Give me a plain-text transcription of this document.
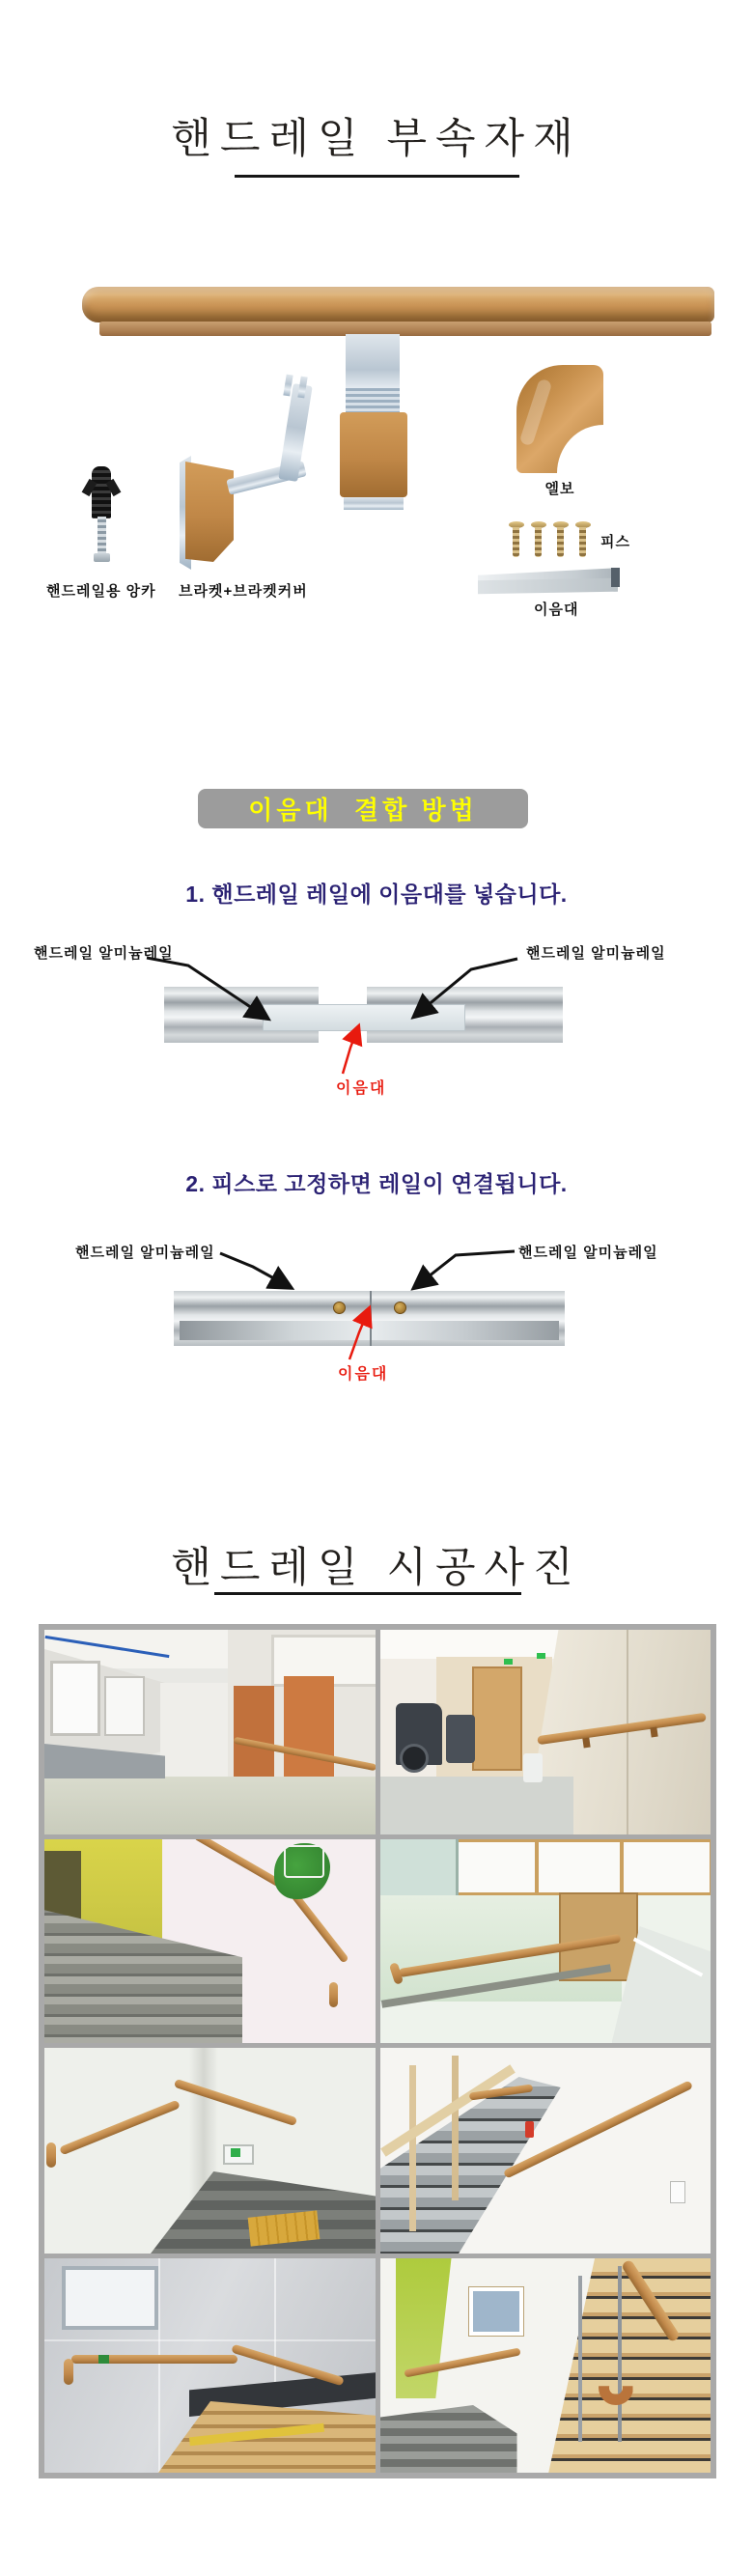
핸드레일 부속자재
엘보
피스
이음대
핸드레일용 앙카 브라켓+브라켓커버
이음대  결합 방법
1. 핸드레일 레일에 이음대를 넣습니다.
핸드레일 알미늄레일	핸드레일 알미늄레일
이음대
2. 피스로 고정하면 레일이 연결됩니다.
핸드레일 알미늄레일	핸드레일 알미늄레일
이음대
핸드레일 시공사진
